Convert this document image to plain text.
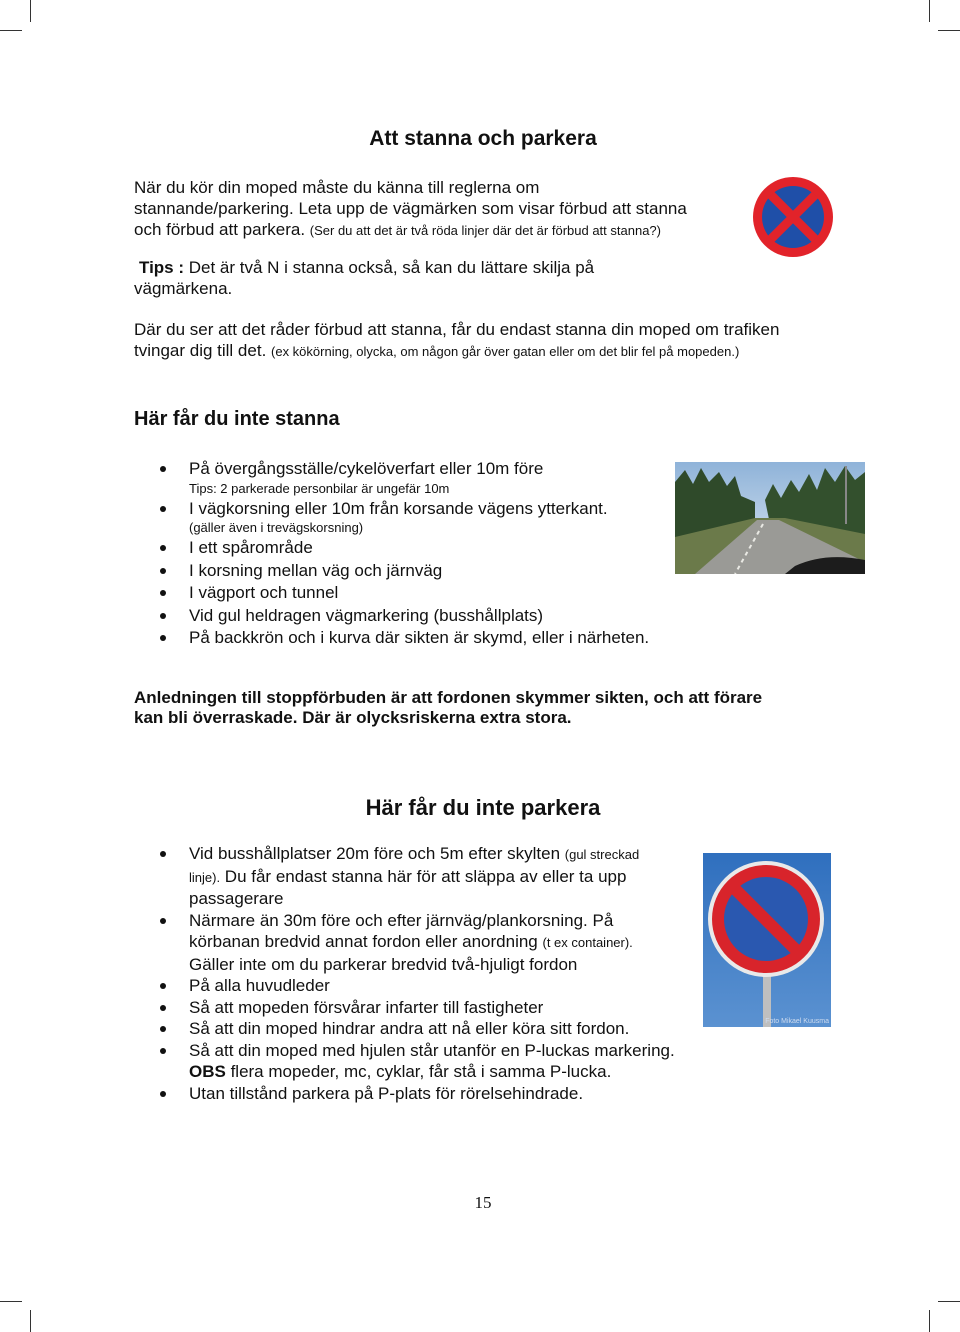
Att stanna och parkera
När du kör din moped måste du känna till reglerna om
stannande/parkering. Leta upp de vägmärken som visar förbud att stanna
och förbud att parkera. (Ser du att det är två röda linjer där det är förbud att stanna?)
Tips : Det är två N i stanna också, så kan du lättare skilja på
vägmärkena.
Där du ser att det råder förbud att stanna, får du endast stanna din moped om trafiken
tvingar dig till det. (ex kökörning, olycka, om någon går över gatan eller om det blir fel på mopeden.)
Här får du inte stanna
På övergångsställe/cykelöverfart eller 10m före
Tips: 2 parkerade personbilar är ungefär 10m
I vägkorsning eller 10m från korsande vägens ytterkant.
(gäller även i trevägskorsning)
I ett spårområde
I korsning mellan väg och järnväg
I vägport och tunnel
Vid gul heldragen vägmarkering (busshållplats)
På backkrön och i kurva där sikten är skymd, eller i närheten.
Anledningen till stoppförbuden är att fordonen skymmer sikten, och att förare
kan bli överraskade. Där är olycksriskerna extra stora.
Här får du inte parkera
Vid busshållplatser 20m före och 5m efter skylten (gul streckad
linje). Du får endast stanna här för att släppa av eller ta upp
passagerare
Närmare än 30m före och efter järnväg/plankorsning. På
körbanan bredvid annat fordon eller anordning (t ex container).
Gäller inte om du parkerar bredvid två-hjuligt fordon
På alla huvudleder
Så att mopeden försvårar infarter till fastigheter
Så att din moped hindrar andra att nå eller köra sitt fordon.
Så att din moped med hjulen står utanför en P-luckas markering.
OBS flera mopeder, mc, cyklar, får stå i samma P-lucka.
Utan tillstånd parkera på P-plats för rörelsehindrade.
Foto Mikael Kuusma
15
